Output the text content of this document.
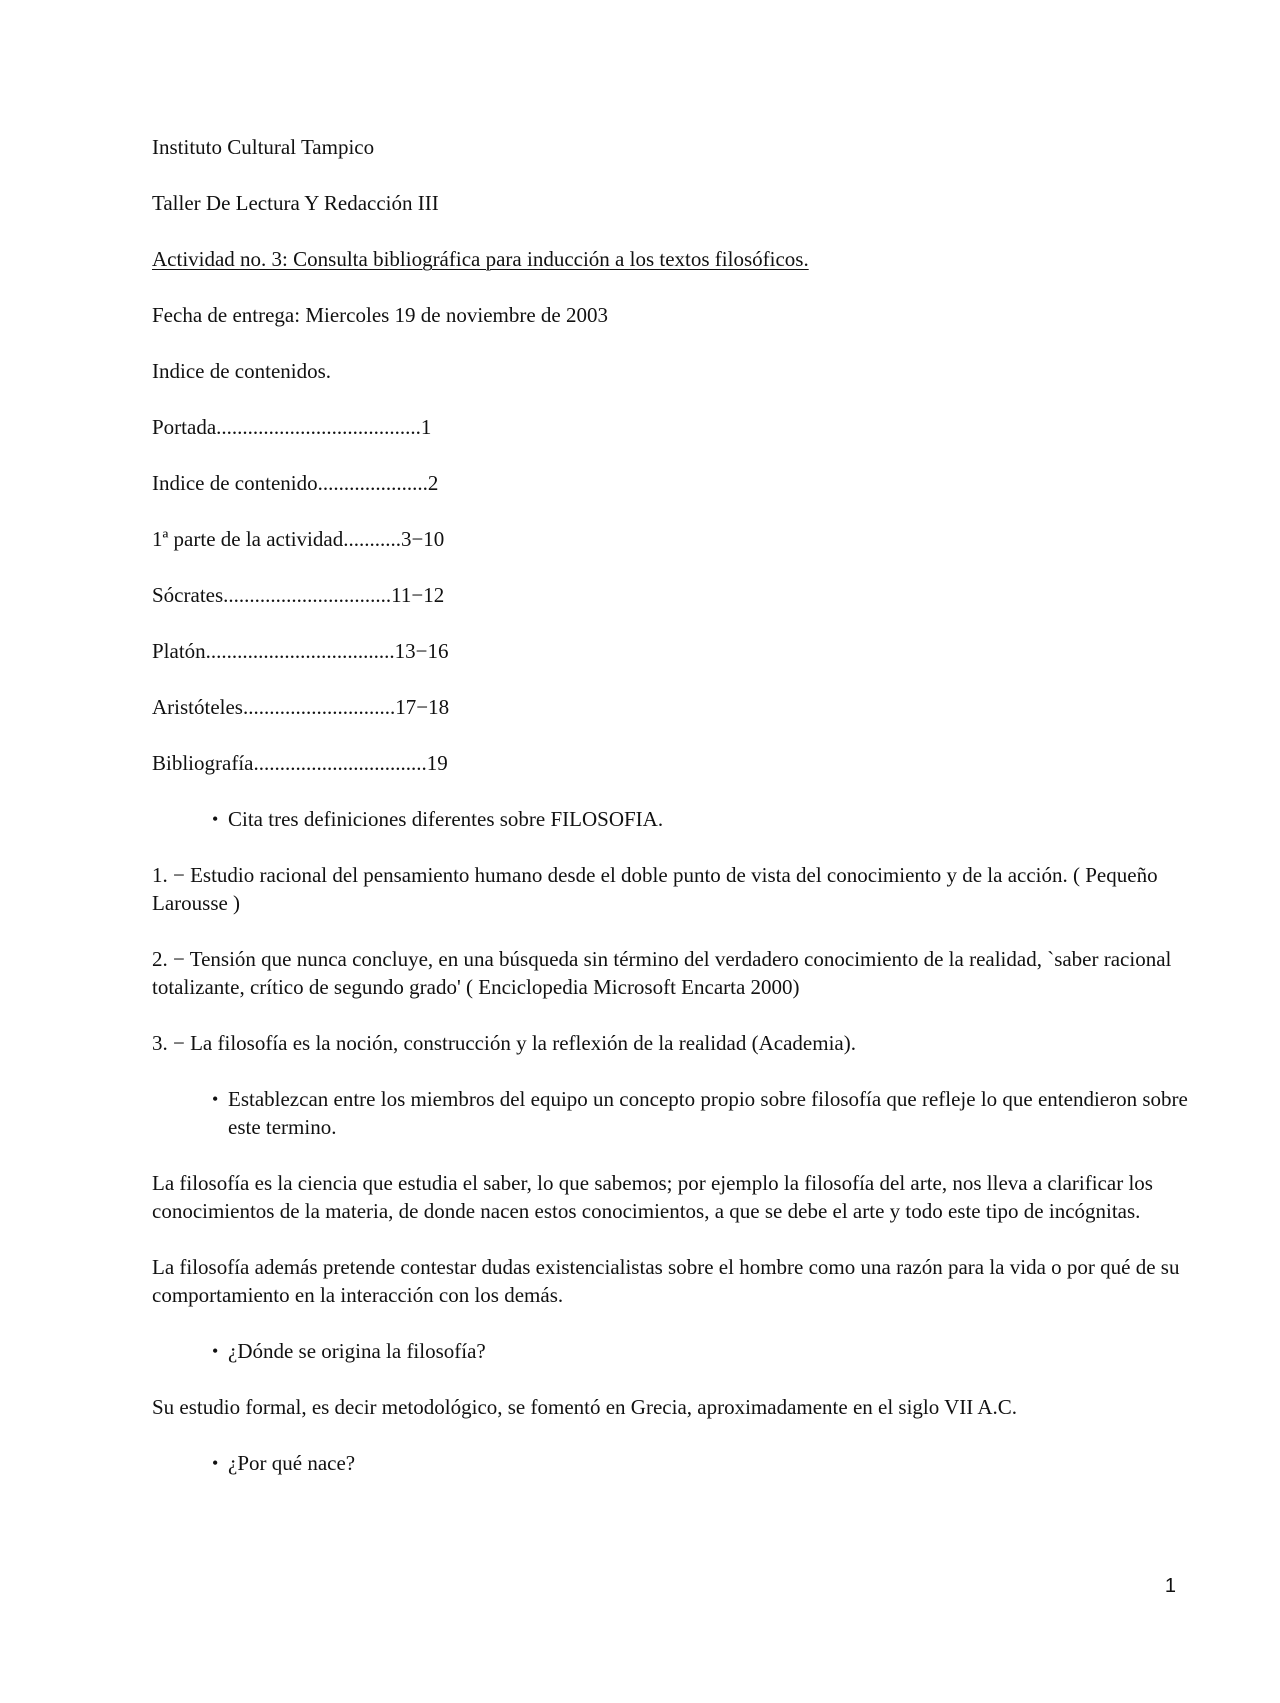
Instituto Cultural Tampico

Taller De Lectura Y Redacción III

Actividad no. 3: Consulta bibliográfica para inducción a los textos filosóficos.

Fecha de entrega: Miercoles 19 de noviembre de 2003

Indice de contenidos.

Portada.......................................1

Indice de contenido.....................2

1ª parte de la actividad...........3−10

Sócrates................................11−12

Platón....................................13−16

Aristóteles.............................17−18

Bibliografía.................................19

• Cita tres definiciones diferentes sobre FILOSOFIA.

1. − Estudio racional del pensamiento humano desde el doble punto de vista del conocimiento y de la acción. ( Pequeño Larousse )

2. − Tensión que nunca concluye, en una búsqueda sin término del verdadero conocimiento de la realidad, `saber racional totalizante, crítico de segundo grado' ( Enciclopedia Microsoft Encarta 2000)

3. − La filosofía es la noción, construcción y la reflexión de la realidad (Academia).

• Establezcan entre los miembros del equipo un concepto propio sobre filosofía que refleje lo que entendieron sobre este termino.

La filosofía es la ciencia que estudia el saber, lo que sabemos; por ejemplo la filosofía del arte, nos lleva a clarificar los conocimientos de la materia, de donde nacen estos conocimientos, a que se debe el arte y todo este tipo de incógnitas.

La filosofía además pretende contestar dudas existencialistas sobre el hombre como una razón para la vida o por qué de su comportamiento en la interacción con los demás.

• ¿Dónde se origina la filosofía?

Su estudio formal, es decir metodológico, se fomentó en Grecia, aproximadamente en el siglo VII A.C.

• ¿Por qué nace?
1
